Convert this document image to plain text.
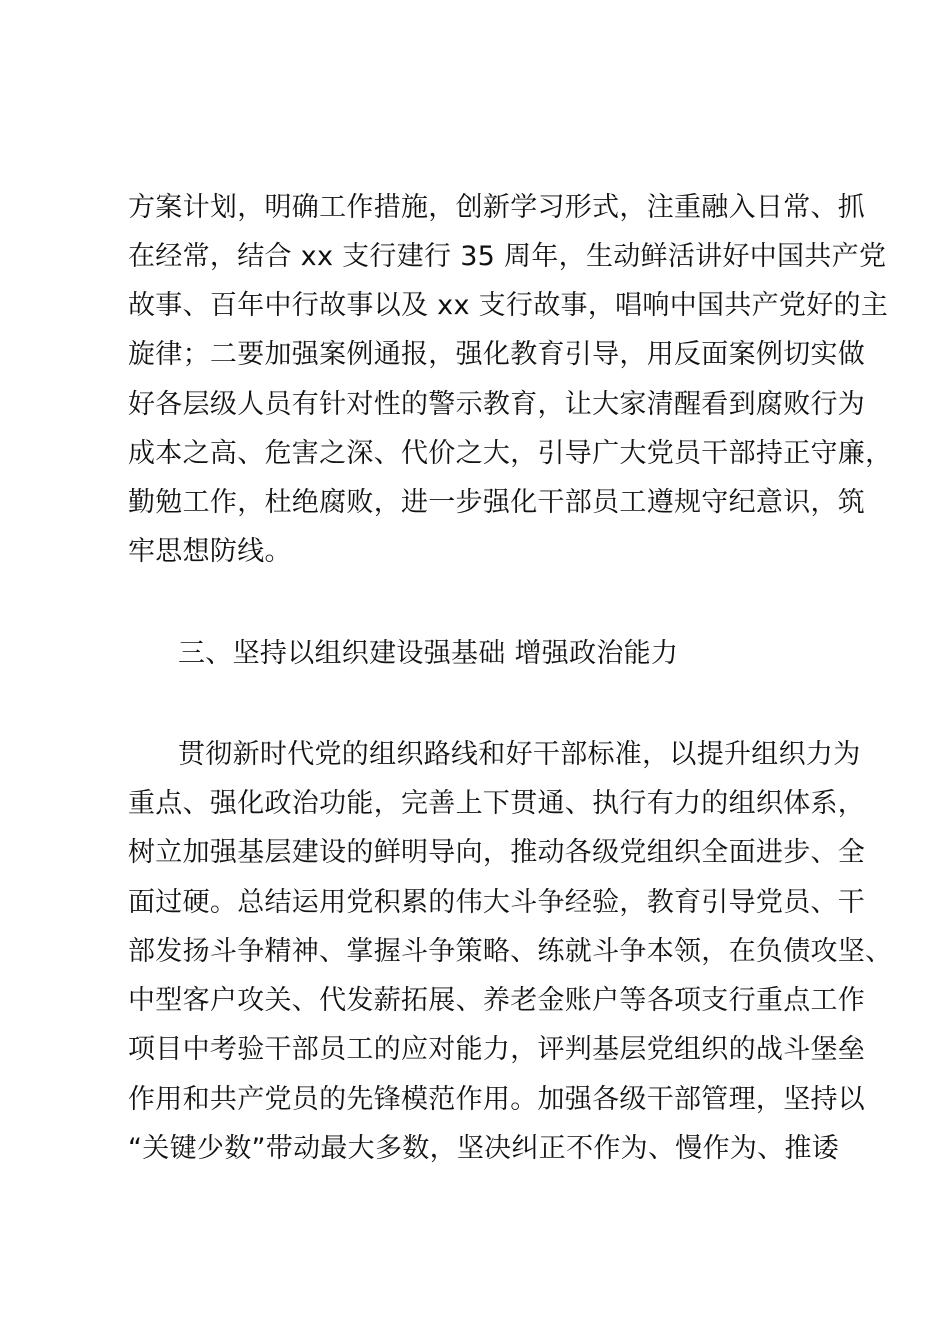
方案计划，明确工作措施，创新学习形式，注重融入日常、抓
在经常，结合 xx 支行建行 35 周年，生动鲜活讲好中国共产党
故事、百年中行故事以及 xx 支行故事，唱响中国共产党好的主
旋律；二要加强案例通报，强化教育引导，用反面案例切实做
好各层级人员有针对性的警示教育，让大家清醒看到腐败行为
成本之高、危害之深、代价之大，引导广大党员干部持正守廉，
勤勉工作，杜绝腐败，进一步强化干部员工遵规守纪意识，筑
牢思想防线。
三、坚持以组织建设强基础 增强政治能力
贯彻新时代党的组织路线和好干部标准，以提升组织力为
重点、强化政治功能，完善上下贯通、执行有力的组织体系，
树立加强基层建设的鲜明导向，推动各级党组织全面进步、全
面过硬。总结运用党积累的伟大斗争经验，教育引导党员、干
部发扬斗争精神、掌握斗争策略、练就斗争本领，在负债攻坚、
中型客户攻关、代发薪拓展、养老金账户等各项支行重点工作
项目中考验干部员工的应对能力，评判基层党组织的战斗堡垒
作用和共产党员的先锋模范作用。加强各级干部管理，坚持以
“关键少数”带动最大多数，坚决纠正不作为、慢作为、推诿
